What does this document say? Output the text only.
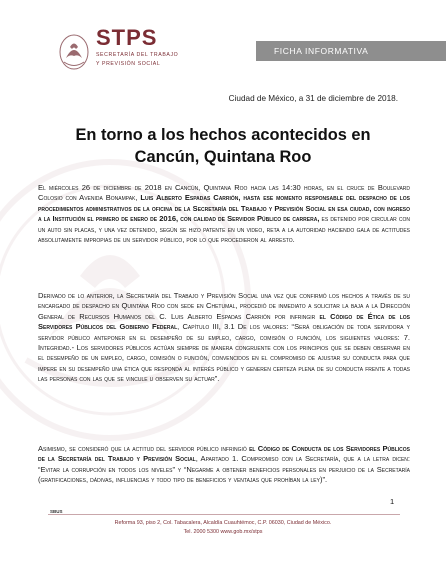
STPS
SECRETARÍA DEL TRABAJO
Y PREVISIÓN SOCIAL
FICHA INFORMATIVA
Ciudad de México, a 31 de diciembre de 2018.
En torno a los hechos acontecidos en
Cancún, Quintana Roo
El miércoles 26 de diciembre de 2018 en Cancún, Quintana Roo hacia las 14:30 horas, en el cruce de Boulevard Colosio con Avenida Bonampak, Luis Alberto Espadas Carrión, hasta ese momento responsable del despacho de los procedimientos administrativos de la oficina de la Secretaría del Trabajo y Previsión Social en esa ciudad, con ingreso a la Institución el primero de enero de 2016, con calidad de Servidor Público de carrera, es detenido por circular con un auto sin placas, y una vez detenido, según se hizo patente en un video, reta a la autoridad haciendo gala de actitudes absolutamente impropias de un servidor público, por lo que procedieron al arresto.
Derivado de lo anterior, la Secretaría del Trabajo y Previsión Social una vez que confirmó los hechos a través de su encargado de despacho en Quintana Roo con sede en Chetumal, procedió de inmediato a solicitar la baja a la Dirección General de Recursos Humanos del C. Luis Alberto Espadas Carrión por infringir el Código de Ética de los Servidores Públicos del Gobierno Federal, Capítulo III, 3.1 De los valores: “Será obligación de toda servidora y servidor público anteponer en el desempeño de su empleo, cargo, comisión o función, los siguientes valores: 7. Integridad.- Los servidores públicos actúan siempre de manera congruente con los principios que se deben observar en el desempeño de un empleo, cargo, comisión o función, convencidos en el compromiso de ajustar su conducta para que impere en su desempeño una ética que responda al interés público y generen certeza plena de su conducta frente a todas las personas con las que se vincule u observen su actuar”.
Asimismo, se consideró que la actitud del servidor público infringió el Código de Conducta de los Servidores Públicos de la Secretaría del Trabajo y Previsión Social, Apartado 1. Compromiso con la Secretaría, que a la letra dicen: “Evitar la corrupción en todos los niveles” y “Negarme a obtener beneficios personales en perjuicio de la Secretaría (gratificaciones, dádivas, influencias y todo tipo de beneficios y ventajas que prohíban la ley)”.
1
SBUS
Reforma 93, piso 2, Col. Tabacalera, Alcaldía Cuauhtémoc, C.P. 06030, Ciudad de México.
Tel. 2000 5300 www.gob.mx/stps
